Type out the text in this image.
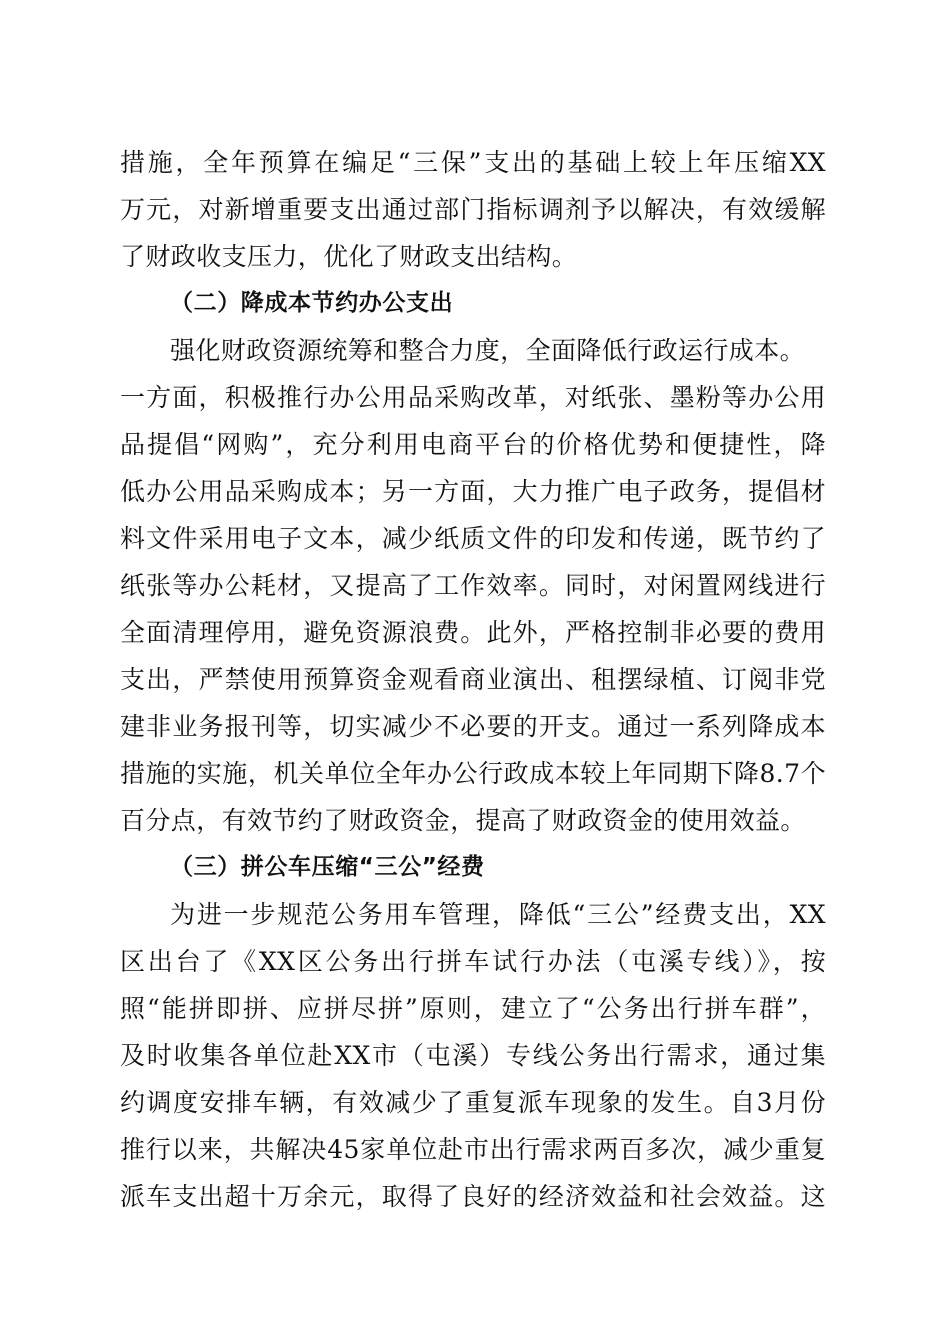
措施，全年预算在编足“三保”支出的基础上较上年压缩XX
万元，对新增重要支出通过部门指标调剂予以解决，有效缓解
了财政收支压力，优化了财政支出结构。
（二）降成本节约办公支出
强化财政资源统筹和整合力度，全面降低行政运行成本。
一方面，积极推行办公用品采购改革，对纸张、墨粉等办公用
品提倡“网购”，充分利用电商平台的价格优势和便捷性，降
低办公用品采购成本；另一方面，大力推广电子政务，提倡材
料文件采用电子文本，减少纸质文件的印发和传递，既节约了
纸张等办公耗材，又提高了工作效率。同时，对闲置网线进行
全面清理停用，避免资源浪费。此外，严格控制非必要的费用
支出，严禁使用预算资金观看商业演出、租摆绿植、订阅非党
建非业务报刊等，切实减少不必要的开支。通过一系列降成本
措施的实施，机关单位全年办公行政成本较上年同期下降8.7个
百分点，有效节约了财政资金，提高了财政资金的使用效益。
（三）拼公车压缩“三公”经费
为进一步规范公务用车管理，降低“三公”经费支出，XX
区出台了《XX区公务出行拼车试行办法（屯溪专线）》，按
照“能拼即拼、应拼尽拼”原则，建立了“公务出行拼车群”，
及时收集各单位赴XX市（屯溪）专线公务出行需求，通过集
约调度安排车辆，有效减少了重复派车现象的发生。自3月份
推行以来，共解决45家单位赴市出行需求两百多次，减少重复
派车支出超十万余元，取得了良好的经济效益和社会效益。这
